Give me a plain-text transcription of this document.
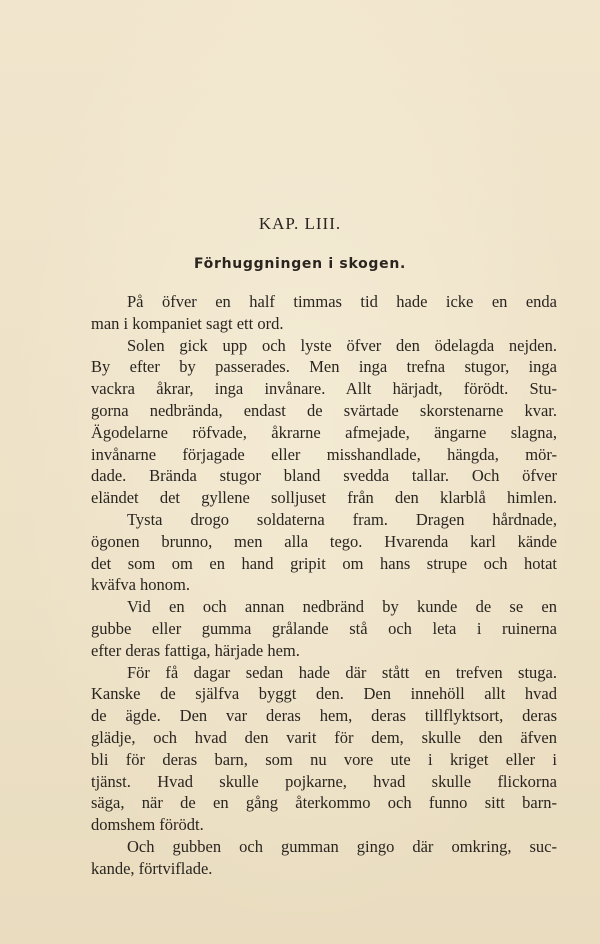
KAP. LIII.
Förhuggningen i skogen.

På öfver en half timmas tid hade icke en enda
man i kompaniet sagt ett ord.

Solen gick upp och lyste öfver den ödelagda nejden.
By efter by passerades. Men inga trefna stugor, inga
vackra åkrar, inga invånare. Allt härjadt, förödt. Stu-
gorna nedbrända, endast de svärtade skorstenarne kvar.
Ägodelarne röfvade, åkrarne afmejade, ängarne slagna,
invånarne förjagade eller misshandlade, hängda, mör-
dade. Brända stugor bland svedda tallar. Och öfver
eländet det gyllene solljuset från den klarblå himlen.

Tysta drogo soldaterna fram. Dragen hårdnade,
ögonen brunno, men alla tego. Hvarenda karl kände
det som om en hand gripit om hans strupe och hotat
kväfva honom.

Vid en och annan nedbränd by kunde de se en
gubbe eller gumma grålande stå och leta i ruinerna
efter deras fattiga, härjade hem.

För få dagar sedan hade där stått en trefven stuga.
Kanske de själfva byggt den. Den innehöll allt hvad
de ägde. Den var deras hem, deras tillflyktsort, deras
glädje, och hvad den varit för dem, skulle den äfven
bli för deras barn, som nu vore ute i kriget eller i
tjänst. Hvad skulle pojkarne, hvad skulle flickorna
säga, när de en gång återkommo och funno sitt barn-
domshem förödt.

Och gubben och gumman gingo där omkring, suc-
kande, förtviflade.
